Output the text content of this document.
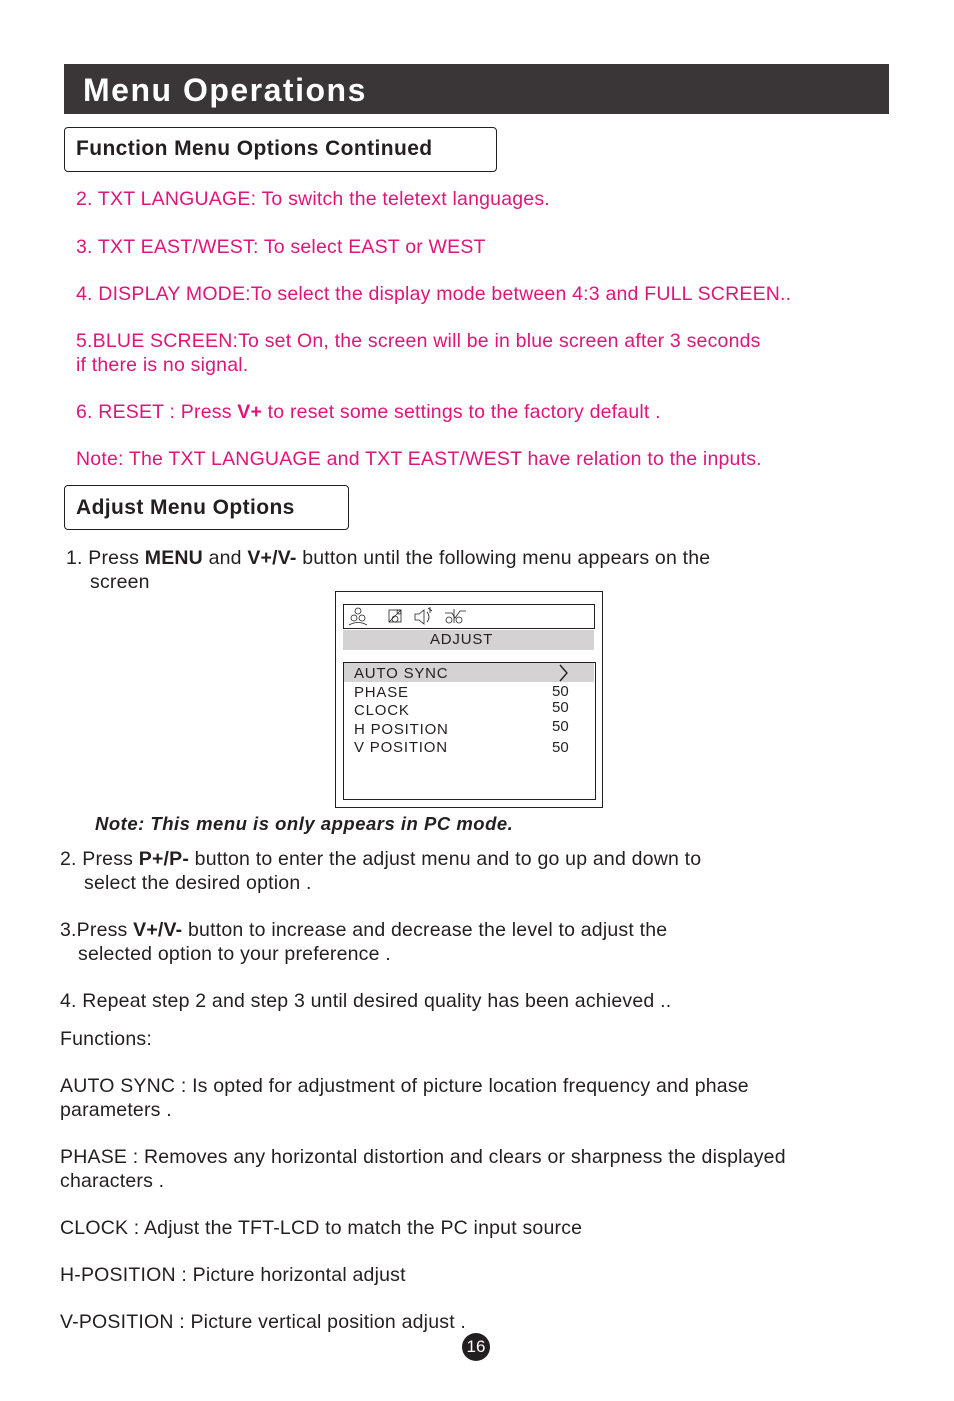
Menu Operations
Function Menu Options Continued
2. TXT LANGUAGE: To switch the teletext languages.
3. TXT EAST/WEST: To select EAST or WEST
4. DISPLAY MODE:To select the display mode between 4:3 and FULL SCREEN..
5.BLUE SCREEN:To set On, the screen will be in blue screen after 3 seconds
if there is no signal.
6. RESET : Press V+ to reset some settings to the factory default .
Note: The TXT LANGUAGE and TXT EAST/WEST have relation to the inputs.
Adjust Menu Options
1. Press MENU and V+/V- button until the following menu appears on the
screen
ADJUST
AUTO SYNC
PHASE
CLOCK
H POSITION
V POSITION
50
50
50
50
Note: This menu is only appears in PC mode.
2. Press P+/P- button to enter the adjust menu and to go up and down to
select the desired option .
3.Press V+/V- button to increase and decrease the level to adjust the
selected option to your preference .
4. Repeat step 2 and step 3 until desired quality has been achieved ..
Functions:
AUTO SYNC : Is opted for adjustment of picture location frequency and phase
parameters .
PHASE : Removes any horizontal distortion and clears or sharpness the displayed
characters .
CLOCK : Adjust the TFT-LCD to match the PC input source
H-POSITION : Picture horizontal adjust
V-POSITION : Picture vertical position adjust .
16
